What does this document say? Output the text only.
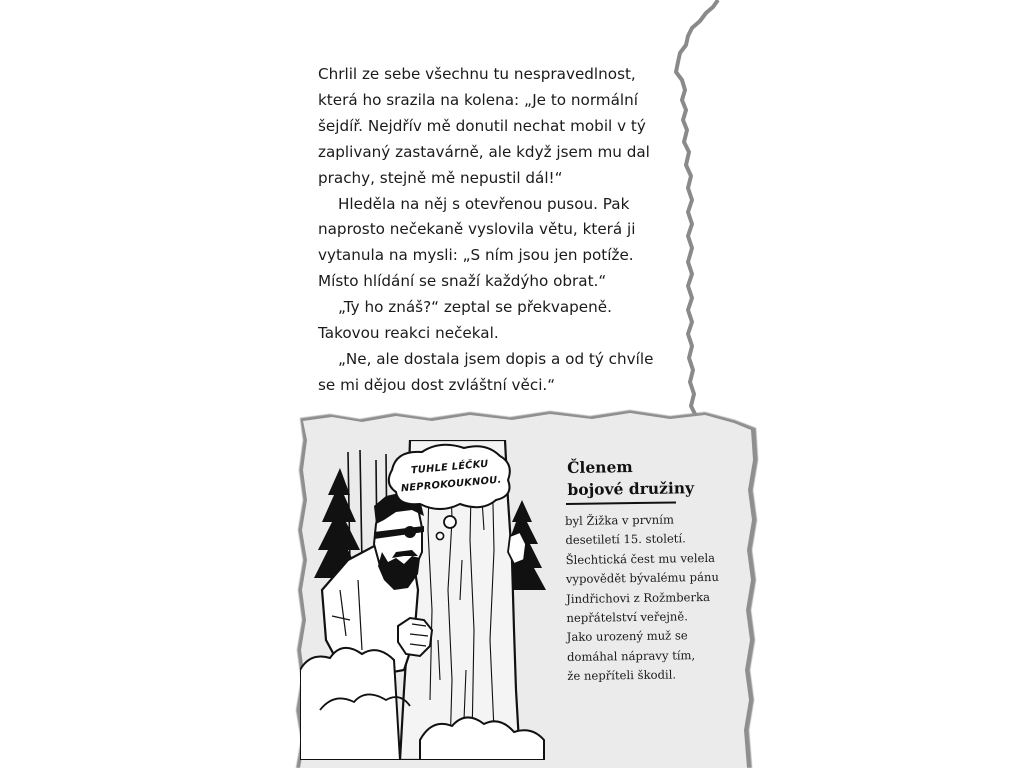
Chrlil ze sebe všechnu tu nespravedlnost,
která ho srazila na kolena: „Je to normální
šejdíř. Nejdřív mě donutil nechat mobil v tý
zaplivaný zastavárně, ale když jsem mu dal
prachy, stejně mě nepustil dál!“

Hleděla na něj s otevřenou pusou. Pak
naprosto nečekaně vyslovila větu, která ji
vytanula na mysli: „S ním jsou jen potíže.
Místo hlídání se snaží každýho obrat.“

„Ty ho znáš?“ zeptal se překvapeně.
Takovou reakci nečekal.

„Ne, ale dostala jsem dopis a od tý chvíle
se mi dějou dost zvláštní věci.“

TUHLE LÉČKU
NEPROKOUKNOU.
Členem
bojové družiny

byl Žižka v prvním

desetiletí 15. století.

Šlechtická čest mu velela

vypovědět bývalému pánu

Jindřichovi z Rožmberka

nepřátelství veřejně.

Jako urozený muž se

domáhal nápravy tím,

že nepříteli škodil.
